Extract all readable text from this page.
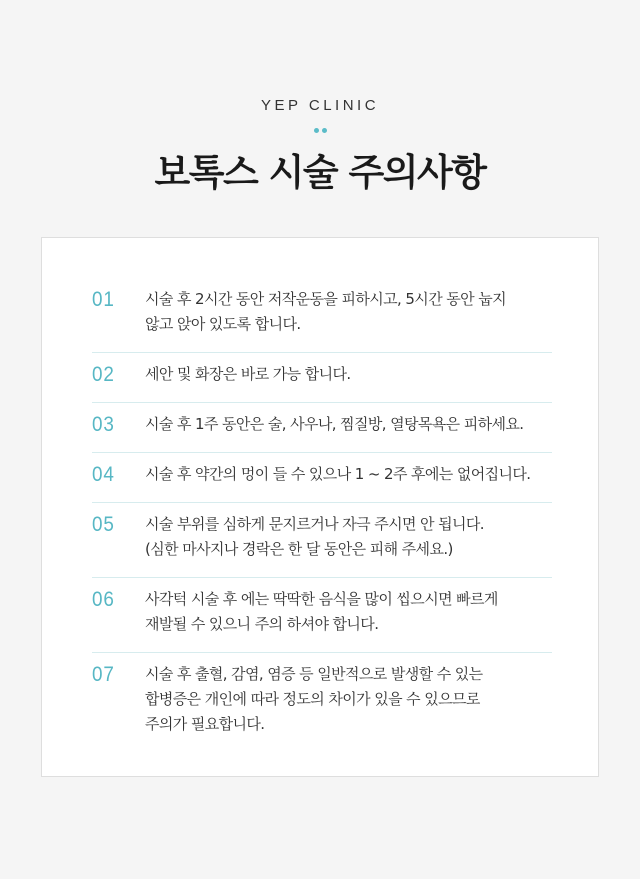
YEP CLINIC
보톡스 시술 주의사항
01	시술 후 2시간 동안 저작운동을 피하시고, 5시간 동안 눕지
않고 앉아 있도록 합니다.
02	세안 및 화장은 바로 가능 합니다.
03	시술 후 1주 동안은 술, 사우나, 찜질방, 열탕목욕은 피하세요.
04	시술 후 약간의 멍이 들 수 있으나 1 ~ 2주 후에는 없어집니다.
05	시술 부위를 심하게 문지르거나 자극 주시면 안 됩니다.
(심한 마사지나 경락은 한 달 동안은 피해 주세요.)
06	사각턱 시술 후 에는 딱딱한 음식을 많이 씹으시면 빠르게
재발될 수 있으니 주의 하셔야 합니다.
07	시술 후 출혈, 감염, 염증 등 일반적으로 발생할 수 있는
합병증은 개인에 따라 정도의 차이가 있을 수 있으므로
주의가 필요합니다.
